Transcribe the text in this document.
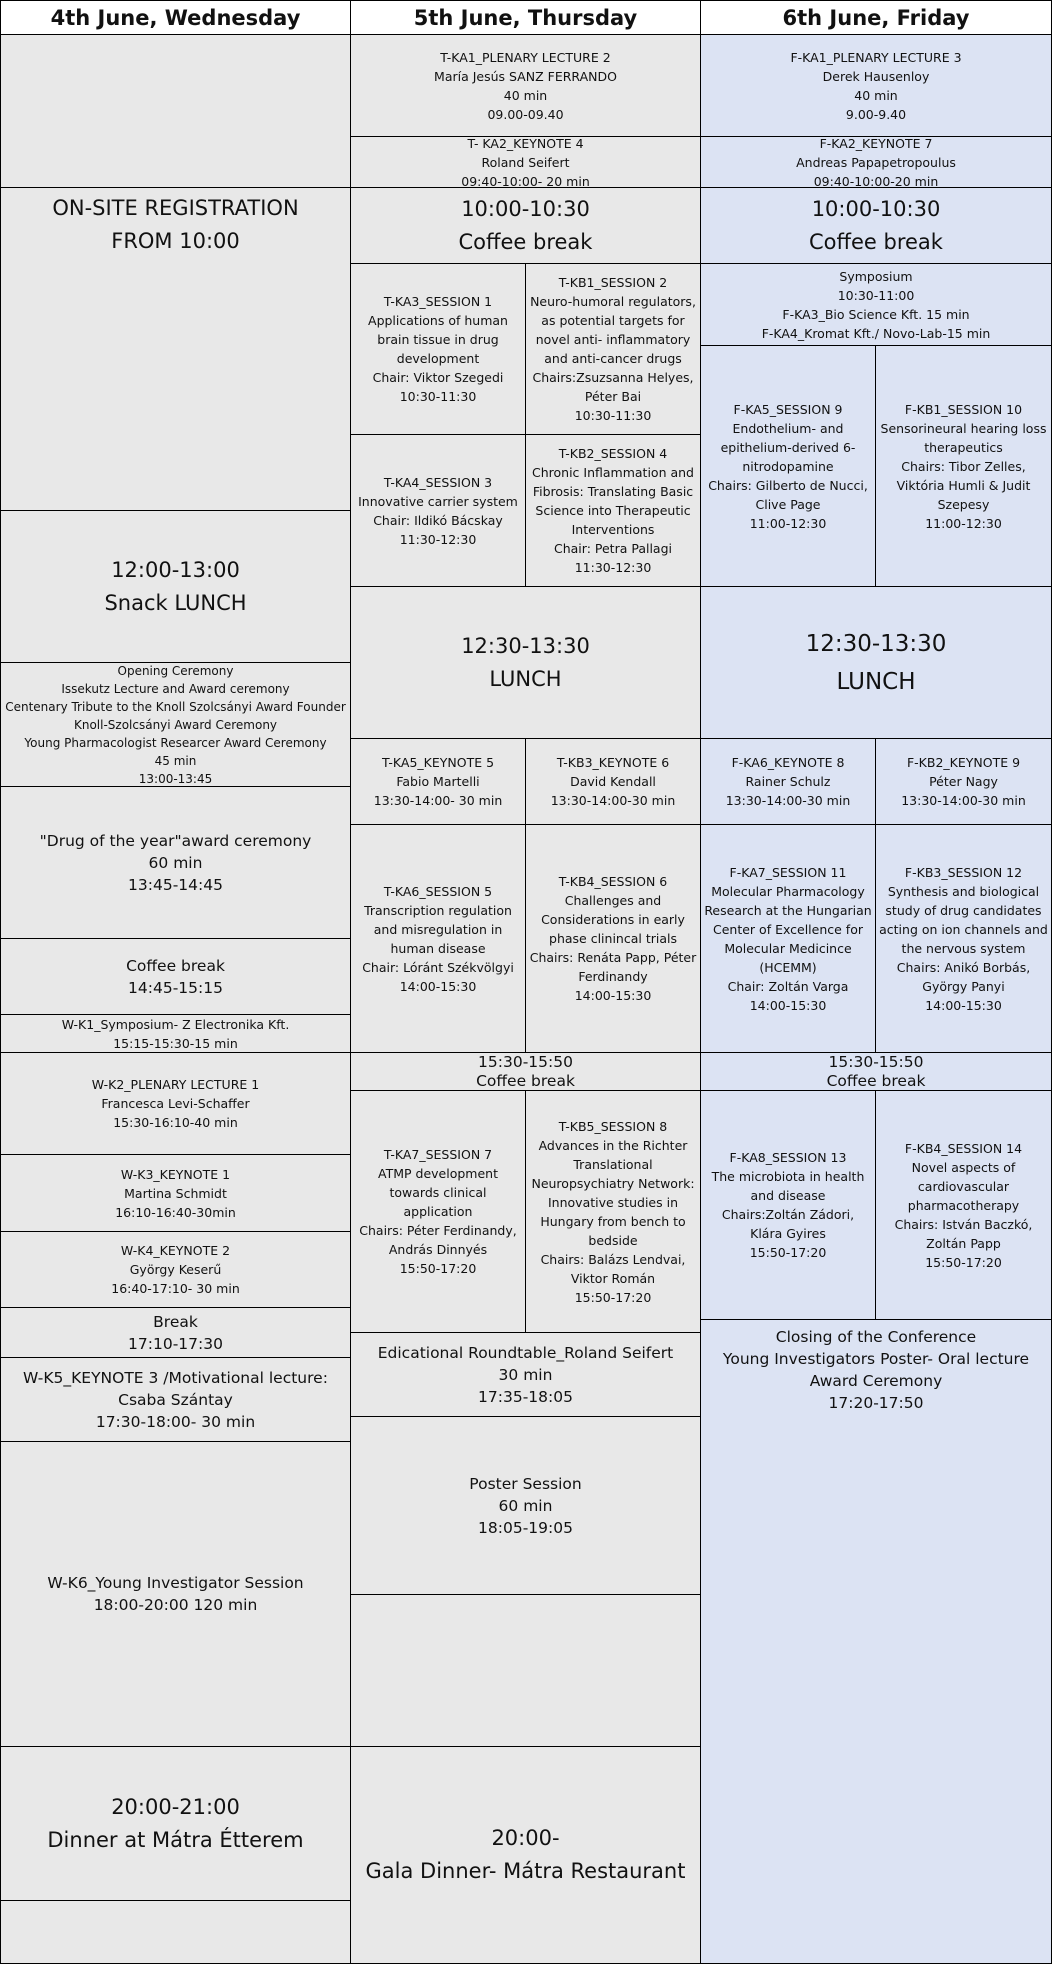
4th June, Wednesday	5th June, Thursday	6th June, Friday
ON-SITE REGISTRATION
FROM 10:00
12:00-13:00
Snack LUNCH
Opening Ceremony
Issekutz Lecture and Award ceremony
Centenary Tribute to the Knoll Szolcsányi Award Founder
Knoll-Szolcsányi Award Ceremony
Young Pharmacologist Researcer Award Ceremony
45 min
13:00-13:45
"Drug of the year"award ceremony
60 min
13:45-14:45
Coffee break
14:45-15:15
W-K1_Symposium- Z Electronika Kft.
15:15-15:30-15 min
W-K2_PLENARY LECTURE 1
Francesca Levi-Schaffer
15:30-16:10-40 min
W-K3_KEYNOTE 1
Martina Schmidt
16:10-16:40-30min
W-K4_KEYNOTE 2
György Keserű
16:40-17:10- 30 min
Break
17:10-17:30
W-K5_KEYNOTE 3 /Motivational lecture:
Csaba Szántay
17:30-18:00- 30 min
W-K6_Young Investigator Session
18:00-20:00 120 min
20:00-21:00
Dinner at Mátra Étterem
T-KA1_PLENARY LECTURE 2
María Jesús SANZ FERRANDO
40 min
09.00-09.40
T- KA2_KEYNOTE 4
Roland Seifert
09:40-10:00- 20 min
10:00-10:30
Coffee break
T-KA3_SESSION 1
Applications of human brain tissue in drug development
Chair: Viktor Szegedi
10:30-11:30
T-KB1_SESSION 2
Neuro-humoral regulators, as potential targets for novel anti- inflammatory and anti-cancer drugs
Chairs:Zsuzsanna Helyes, Péter Bai
10:30-11:30
T-KA4_SESSION 3
Innovative carrier system
Chair: Ildikó Bácskay
11:30-12:30
T-KB2_SESSION 4
Chronic Inflammation and Fibrosis: Translating Basic Science into Therapeutic Interventions
Chair: Petra Pallagi
11:30-12:30
12:30-13:30
LUNCH
T-KA5_KEYNOTE 5
Fabio Martelli
13:30-14:00- 30 min
T-KB3_KEYNOTE 6
David Kendall
13:30-14:00-30 min
T-KA6_SESSION 5
Transcription regulation and misregulation in human disease
Chair: Lóránt Székvölgyi
14:00-15:30
T-KB4_SESSION 6
Challenges and Considerations in early phase clinincal trials
Chairs: Renáta Papp, Péter Ferdinandy
14:00-15:30
15:30-15:50
Coffee break
T-KA7_SESSION 7
ATMP development towards clinical application
Chairs: Péter Ferdinandy, András Dinnyés
15:50-17:20
T-KB5_SESSION 8
Advances in the Richter Translational Neuropsychiatry Network: Innovative studies in Hungary from bench to bedside
Chairs: Balázs Lendvai, Viktor Román
15:50-17:20
Edicational Roundtable_Roland Seifert
30 min
17:35-18:05
Poster Session
60 min
18:05-19:05
20:00-
Gala Dinner- Mátra Restaurant
F-KA1_PLENARY LECTURE 3
Derek Hausenloy
40 min
9.00-9.40
F-KA2_KEYNOTE 7
Andreas Papapetropoulus
09:40-10:00-20 min
10:00-10:30
Coffee break
Symposium
10:30-11:00
F-KA3_Bio Science Kft. 15 min
F-KA4_Kromat Kft./ Novo-Lab-15 min
F-KA5_SESSION 9
Endothelium- and epithelium-derived 6-nitrodopamine
Chairs: Gilberto de Nucci, Clive Page
11:00-12:30
F-KB1_SESSION 10
Sensorineural hearing loss therapeutics
Chairs: Tibor Zelles, Viktória Humli & Judit Szepesy
11:00-12:30
12:30-13:30
LUNCH
F-KA6_KEYNOTE 8
Rainer Schulz
13:30-14:00-30 min
F-KB2_KEYNOTE 9
Péter Nagy
13:30-14:00-30 min
F-KA7_SESSION 11
Molecular Pharmacology Research at the Hungarian Center of Excellence for Molecular Medicince (HCEMM)
Chair: Zoltán Varga
14:00-15:30
F-KB3_SESSION 12
Synthesis and biological study of drug candidates acting on ion channels and the nervous system
Chairs: Anikó Borbás, György Panyi
14:00-15:30
15:30-15:50
Coffee break
F-KA8_SESSION 13
The microbiota in health and disease
Chairs:Zoltán Zádori, Klára Gyires
15:50-17:20
F-KB4_SESSION 14
Novel aspects of cardiovascular pharmacotherapy
Chairs: István Baczkó, Zoltán Papp
15:50-17:20
Closing of the Conference
Young Investigators Poster- Oral lecture Award Ceremony
17:20-17:50
